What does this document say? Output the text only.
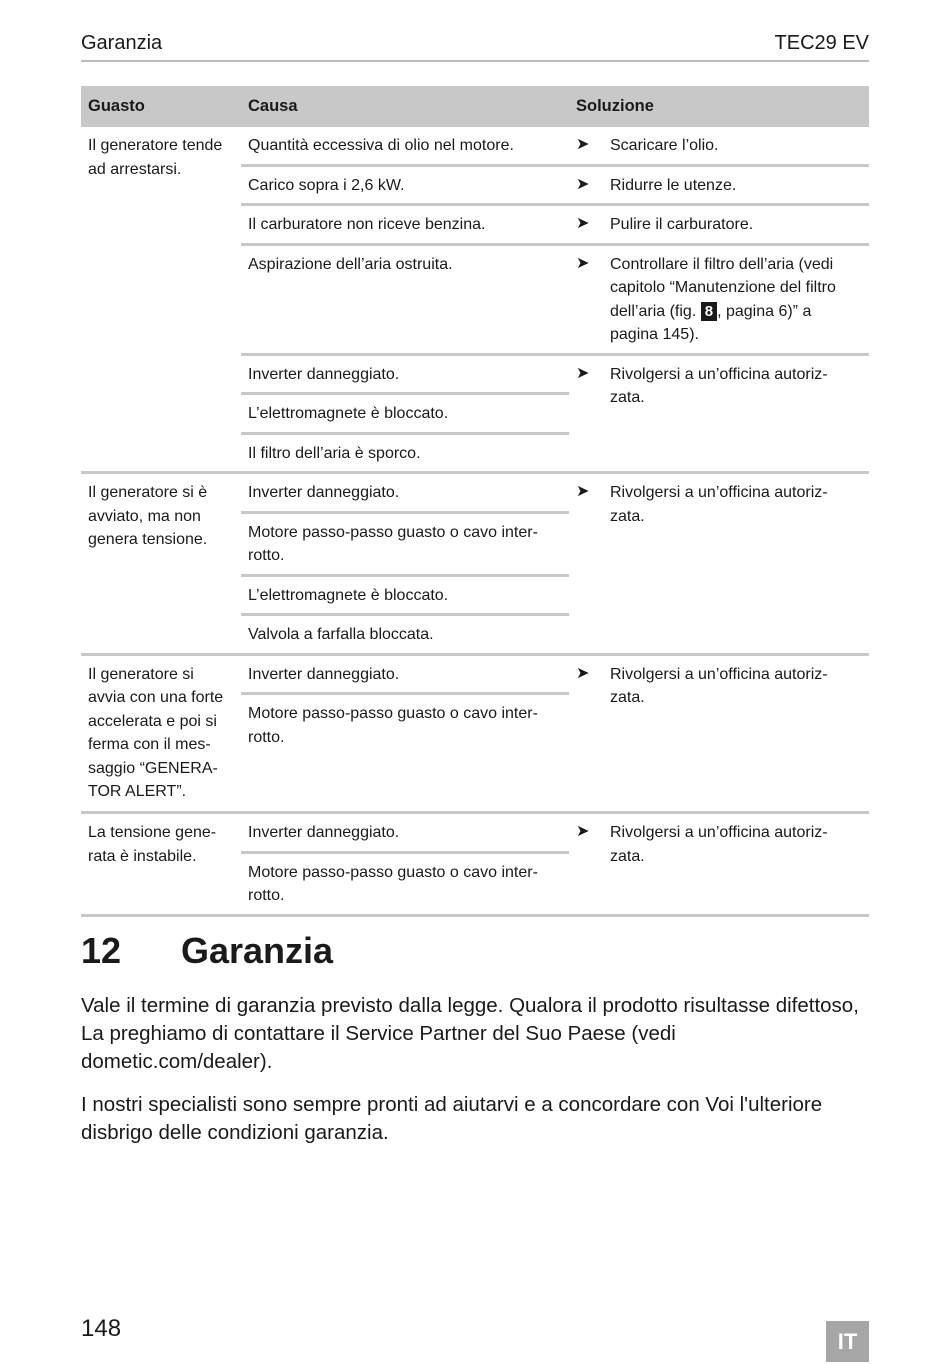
Garanzia	TEC29 EV
Guasto	Causa	Soluzione
Il generatore tende ad arrestarsi.	Quantità eccessiva di olio nel motore.	➤ Scaricare l’olio.

	Carico sopra i 2,6 kW.	➤ Ridurre le utenze.

	Il carburatore non riceve benzina.	➤ Pulire il carburatore.

	Aspirazione dell’aria ostruita.	➤ Controllare il filtro dell’aria (vedi capitolo “Manutenzione del filtro dell’aria (fig. 8 , pagina 6)” a pagina 145).

	Inverter danneggiato.	➤ Rivolgersi a un’officina autoriz-zata.

	L’elettromagnete è bloccato.	
	Il filtro dell’aria è sporco.	
Il generatore si è avviato, ma non genera tensione.	Inverter danneggiato.	➤ Rivolgersi a un’officina autoriz-zata.

	Motore passo-passo guasto o cavo inter-rotto.	
	L’elettromagnete è bloccato.	
	Valvola a farfalla bloccata.	
Il generatore si avvia con una forte accelerata e poi si ferma con il mes-saggio “GENERA-TOR ALERT”.	Inverter danneggiato.	➤ Rivolgersi a un’officina autoriz-zata.

	Motore passo-passo guasto o cavo inter-rotto.	
La tensione gene-rata è instabile.	Inverter danneggiato.	➤ Rivolgersi a un’officina autoriz-zata.

	Motore passo-passo guasto o cavo inter-rotto.	
12 Garanzia

Vale il termine di garanzia previsto dalla legge. Qualora il prodotto risultasse difettoso, La preghiamo di contattare il Service Partner del Suo Paese (vedi dometic.com/dealer).

I nostri specialisti sono sempre pronti ad aiutarvi e a concordare con Voi l'ulteriore disbrigo delle condizioni garanzia.

148	IT
